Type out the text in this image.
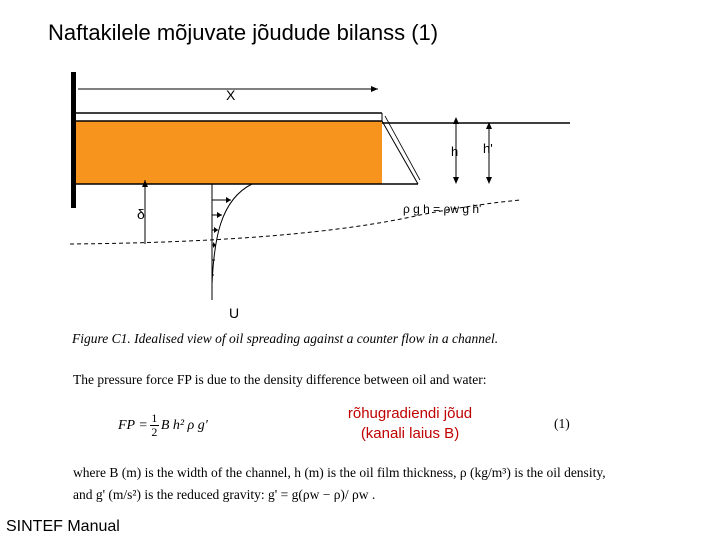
Naftakilele mõjuvate jõudude bilanss (1)
X
h h'
δ	ρ g h = ρw g h'
U
Figure C1. Idealised view of oil spreading against a counter flow in a channel.
The pressure force FP is due to the density difference between oil and water:
FP = $\frac{1}{2}$ B h² ρ g'
rõhugradiendi jõud
(kanali laius B)
(1)
where B (m) is the width of the channel, h (m) is the oil film thickness, ρ (kg/m³) is the oil density,
and g' (m/s²) is the reduced gravity: g' = g(ρw − ρ)/ ρw .
SINTEF Manual
